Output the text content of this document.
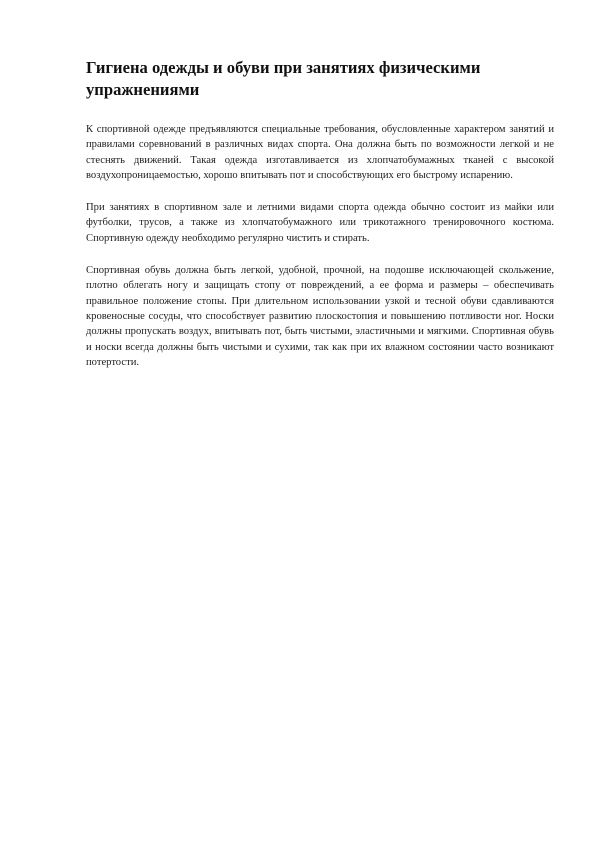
Гигиена одежды и обуви при занятиях физическими упражнениями

К спортивной одежде предъявляются специальные требования, обусловленные характером занятий и правилами соревнований в различных видах спорта. Она должна быть по возможности легкой и не стеснять движений. Такая одежда изготавливается из хлопчатобумажных тканей с высокой воздухопроницаемостью, хорошо впитывать пот и способствующих его быстрому испарению.

При занятиях в спортивном зале и летними видами спорта одежда обычно состоит из майки или футболки, трусов, а также из хлопчатобумажного или трикотажного тренировочного костюма. Спортивную одежду необходимо регулярно чистить и стирать.

Спортивная обувь должна быть легкой, удобной, прочной, на подошве исключающей скольжение, плотно облегать ногу и защищать стопу от повреждений, а ее форма и размеры – обеспечивать правильное положение стопы. При длительном использовании узкой и тесной обуви сдавливаются кровеносные сосуды, что способствует развитию плоскостопия и повышению потливости ног. Носки должны пропускать воздух, впитывать пот, быть чистыми, эластичными и мягкими. Спортивная обувь и носки всегда должны быть чистыми и сухими, так как при их влажном состоянии часто возникают потертости.
